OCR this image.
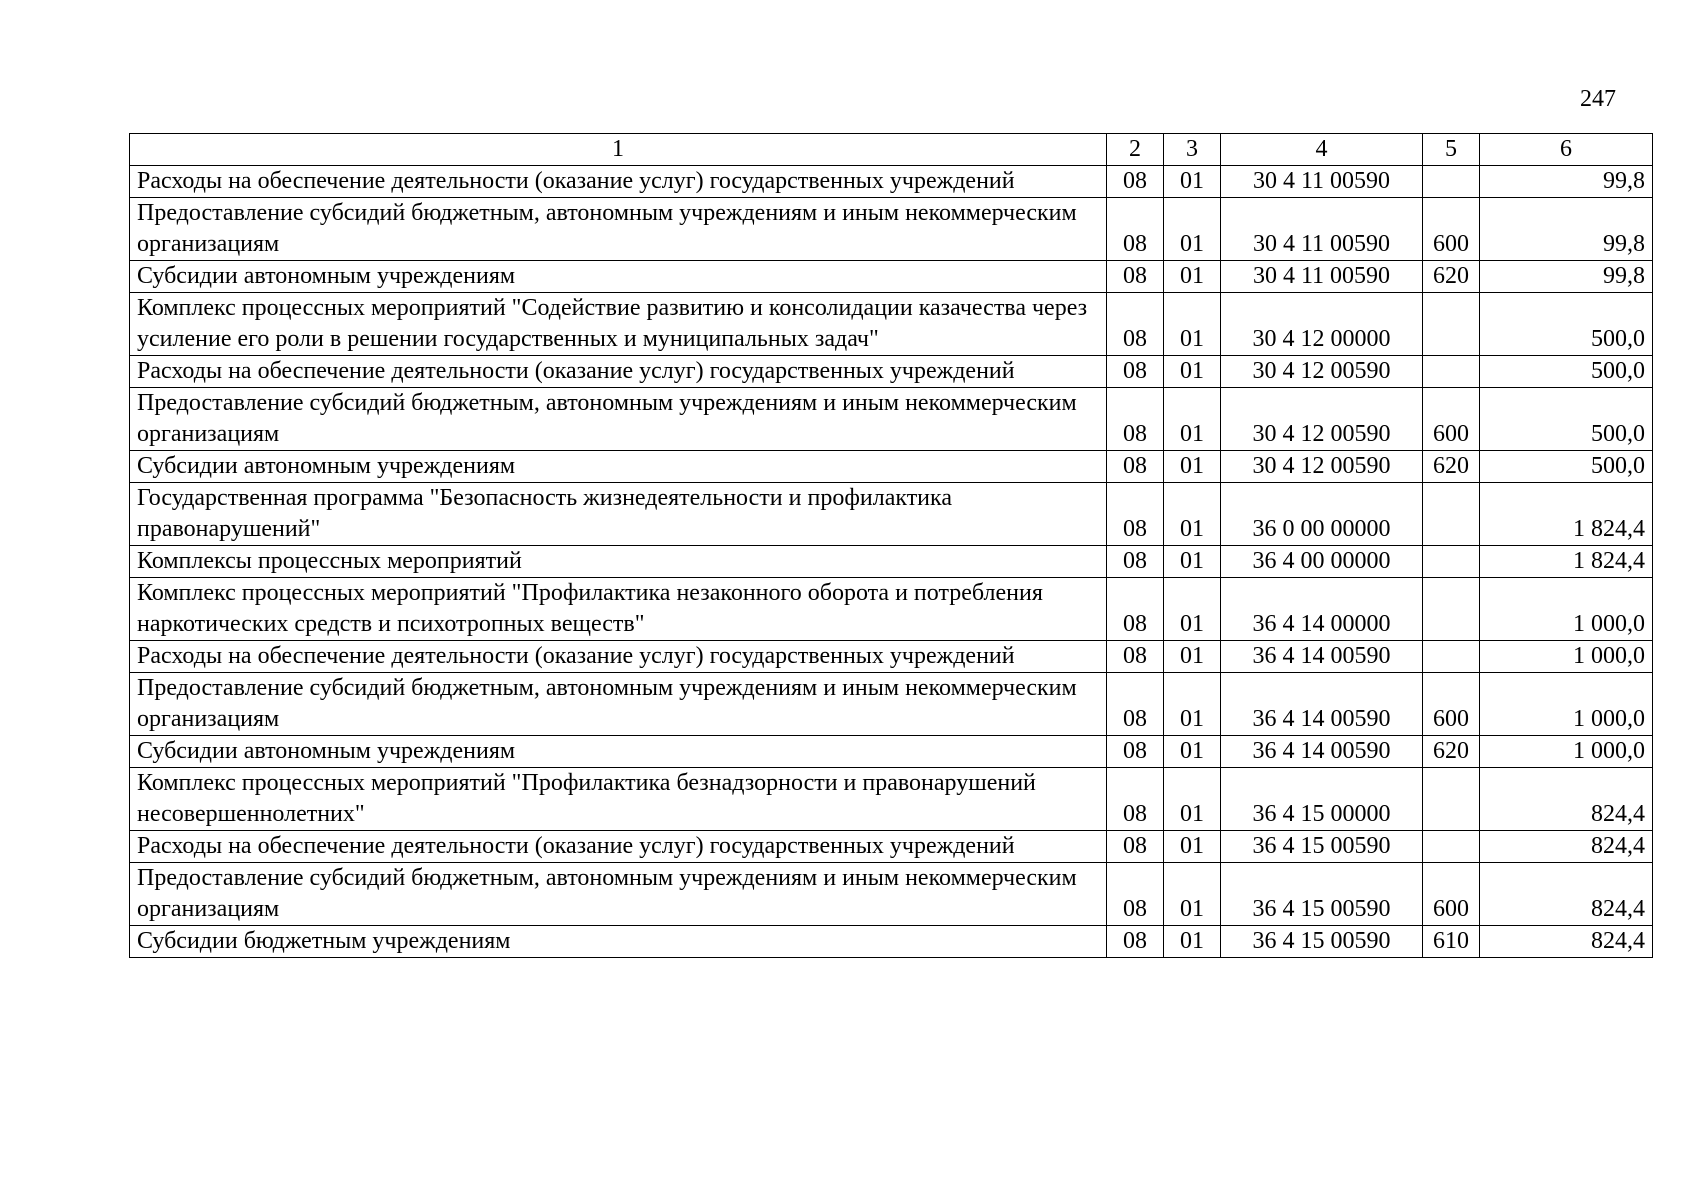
247
1	2	3	4	5	6
Расходы на обеспечение деятельности (оказание услуг) государственных учреждений	08	01	30 4 11 00590		99,8
Предоставление субсидий бюджетным, автономным учреждениям и иным некоммерческим организациям	08	01	30 4 11 00590	600	99,8
Субсидии автономным учреждениям	08	01	30 4 11 00590	620	99,8
Комплекс процессных мероприятий "Содействие развитию и консолидации казачества через усиление его роли в решении государственных и муниципальных задач"	08	01	30 4 12 00000		500,0
Расходы на обеспечение деятельности (оказание услуг) государственных учреждений	08	01	30 4 12 00590		500,0
Предоставление субсидий бюджетным, автономным учреждениям и иным некоммерческим организациям	08	01	30 4 12 00590	600	500,0
Субсидии автономным учреждениям	08	01	30 4 12 00590	620	500,0
Государственная программа "Безопасность жизнедеятельности и профилактика правонарушений"	08	01	36 0 00 00000		1 824,4
Комплексы процессных мероприятий	08	01	36 4 00 00000		1 824,4
Комплекс процессных мероприятий "Профилактика незаконного оборота и потребления наркотических средств и психотропных веществ"	08	01	36 4 14 00000		1 000,0
Расходы на обеспечение деятельности (оказание услуг) государственных учреждений	08	01	36 4 14 00590		1 000,0
Предоставление субсидий бюджетным, автономным учреждениям и иным некоммерческим организациям	08	01	36 4 14 00590	600	1 000,0
Субсидии автономным учреждениям	08	01	36 4 14 00590	620	1 000,0
Комплекс процессных мероприятий "Профилактика безнадзорности и правонарушений несовершеннолетних"	08	01	36 4 15 00000		824,4
Расходы на обеспечение деятельности (оказание услуг) государственных учреждений	08	01	36 4 15 00590		824,4
Предоставление субсидий бюджетным, автономным учреждениям и иным некоммерческим организациям	08	01	36 4 15 00590	600	824,4
Субсидии бюджетным учреждениям	08	01	36 4 15 00590	610	824,4
